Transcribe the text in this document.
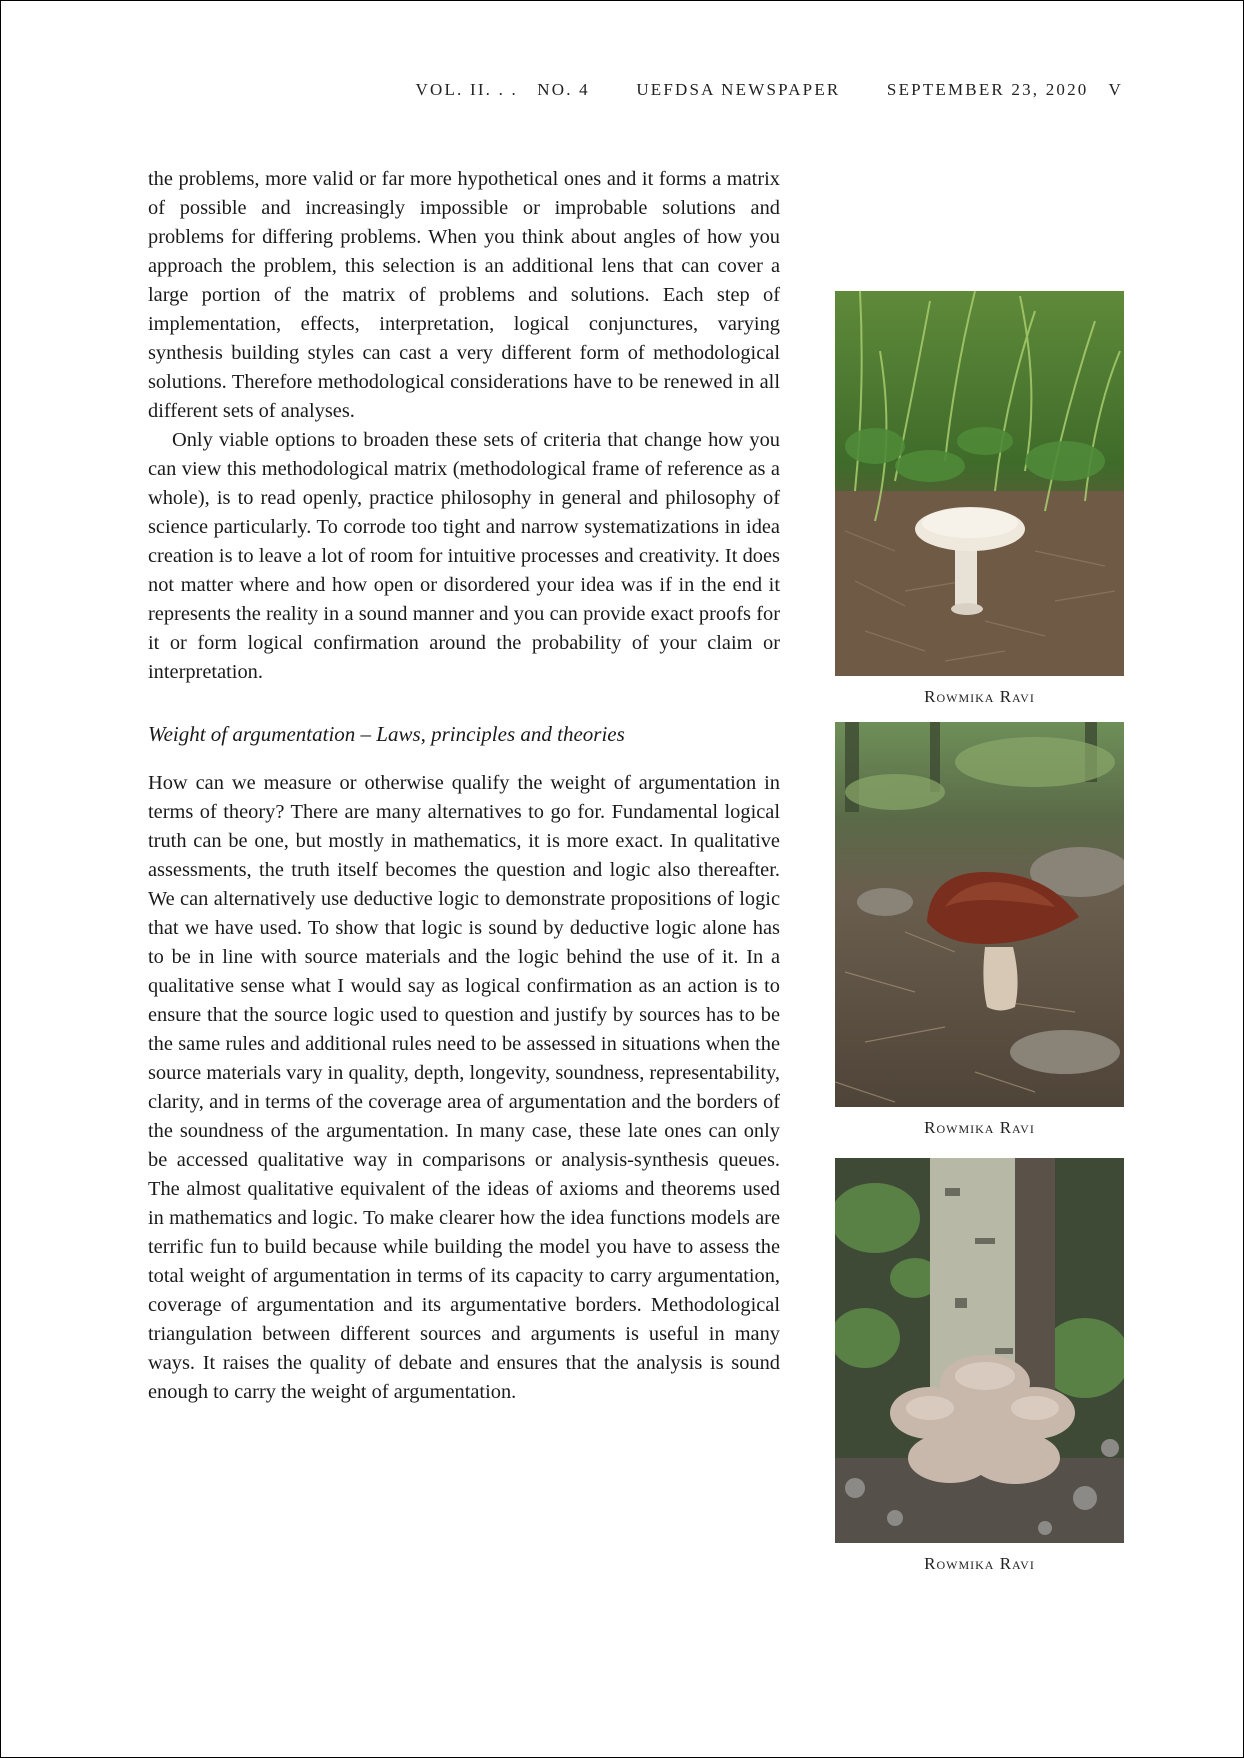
VOL. II. . . NO. 4	UEFDSA NEWSPAPER	SEPTEMBER 23, 2020 V

the problems, more valid or far more hypothetical ones and it forms a matrix of possible and increasingly impossible or improbable solutions and problems for differing problems. When you think about angles of how you approach the problem, this selection is an additional lens that can cover a large portion of the matrix of problems and solutions. Each step of implementation, effects, interpretation, logical conjunctures, varying synthesis building styles can cast a very different form of methodological solutions. Therefore methodological considerations have to be renewed in all different sets of analyses.

Only viable options to broaden these sets of criteria that change how you can view this methodological matrix (methodological frame of reference as a whole), is to read openly, practice philosophy in general and philosophy of science particularly. To corrode too tight and narrow systematizations in idea creation is to leave a lot of room for intuitive processes and creativity. It does not matter where and how open or disordered your idea was if in the end it represents the reality in a sound manner and you can provide exact proofs for it or form logical confirmation around the probability of your claim or interpretation.

Weight of argumentation – Laws, principles and theories

How can we measure or otherwise qualify the weight of argumentation in terms of theory? There are many alternatives to go for. Fundamental logical truth can be one, but mostly in mathematics, it is more exact. In qualitative assessments, the truth itself becomes the question and logic also thereafter. We can alternatively use deductive logic to demonstrate propositions of logic that we have used. To show that logic is sound by deductive logic alone has to be in line with source materials and the logic behind the use of it. In a qualitative sense what I would say as logical confirmation as an action is to ensure that the source logic used to question and justify by sources has to be the same rules and additional rules need to be assessed in situations when the source materials vary in quality, depth, longevity, soundness, representability, clarity, and in terms of the coverage area of argumentation and the borders of the soundness of the argumentation. In many case, these late ones can only be accessed qualitative way in comparisons or analysis-synthesis queues. The almost qualitative equivalent of the ideas of axioms and theorems used in mathematics and logic. To make clearer how the idea functions models are terrific fun to build because while building the model you have to assess the total weight of argumentation in terms of its capacity to carry argumentation, coverage of argumentation and its argumentative borders. Methodological triangulation between different sources and arguments is useful in many ways. It raises the quality of debate and ensures that the analysis is sound enough to carry the weight of argumentation.

Rowmika Ravi
Rowmika Ravi
Rowmika Ravi
